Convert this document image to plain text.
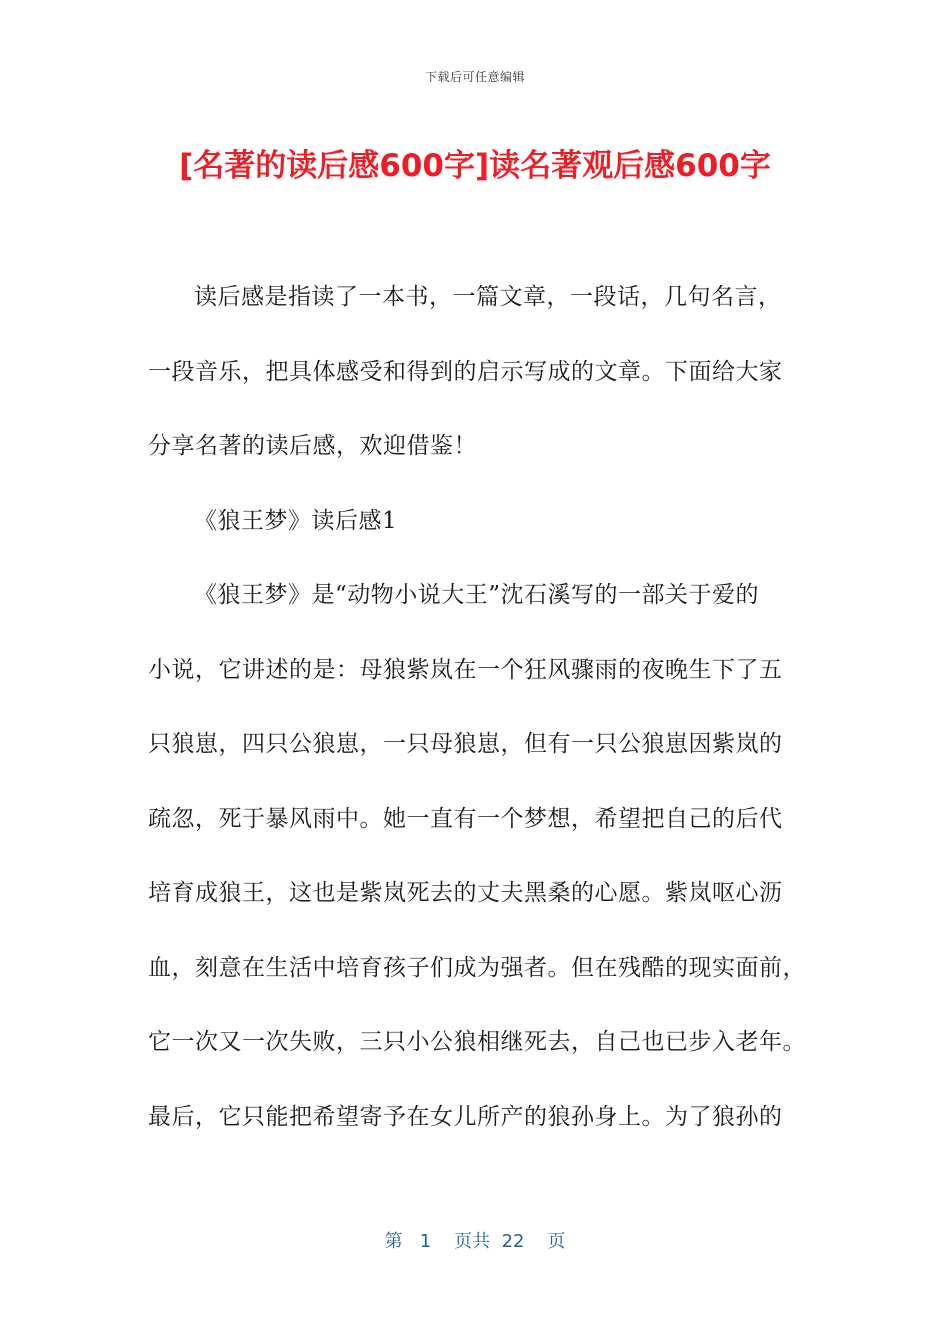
下载后可任意编辑
[名著的读后感600字]读名著观后感600字
读后感是指读了一本书，一篇文章，一段话，几句名言，
一段音乐，把具体感受和得到的启示写成的文章。下面给大家
分享名著的读后感，欢迎借鉴！
《狼王梦》读后感1
《狼王梦》是“动物小说大王”沈石溪写的一部关于爱的
小说，它讲述的是：母狼紫岚在一个狂风骤雨的夜晚生下了五
只狼崽，四只公狼崽，一只母狼崽，但有一只公狼崽因紫岚的
疏忽，死于暴风雨中。她一直有一个梦想，希望把自己的后代
培育成狼王，这也是紫岚死去的丈夫黑桑的心愿。紫岚呕心沥
血，刻意在生活中培育孩子们成为强者。但在残酷的现实面前，
它一次又一次失败，三只小公狼相继死去，自己也已步入老年。
最后，它只能把希望寄予在女儿所产的狼孙身上。为了狼孙的
第 1 页共 22 页
